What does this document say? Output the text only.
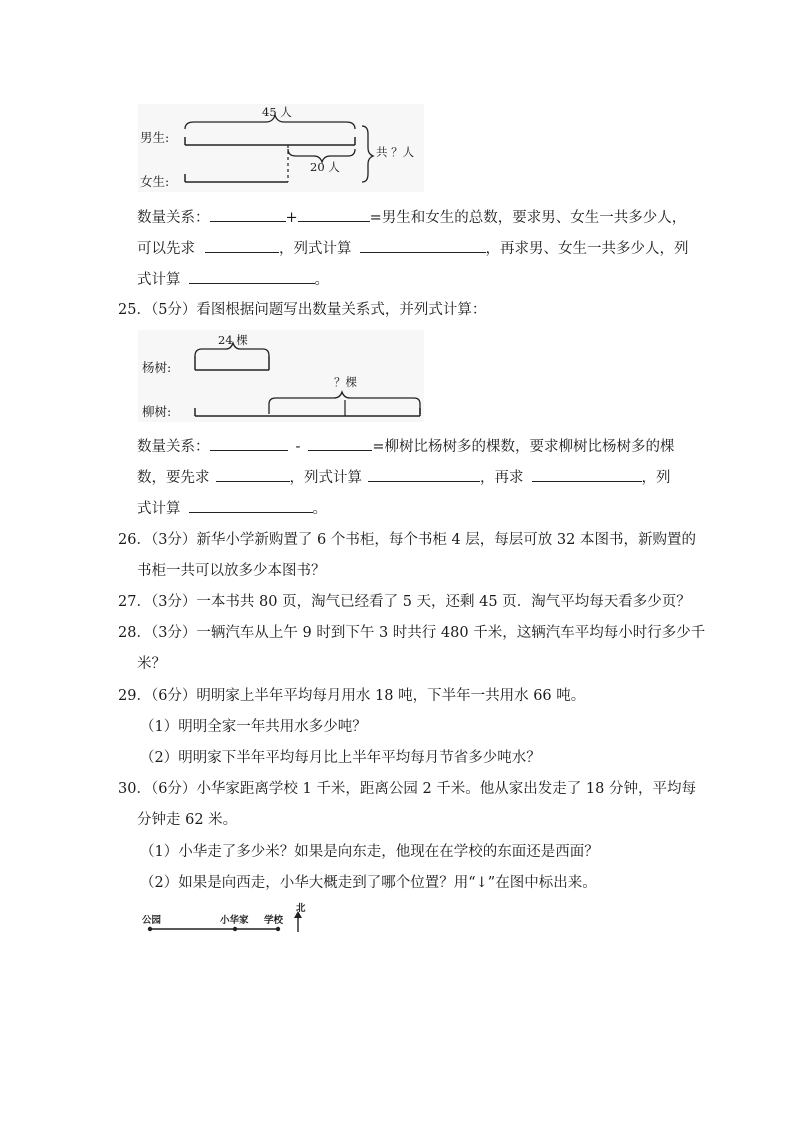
男生:
女生:
45 人
20 人
共 ？人
数量关系：	+	=男生和女生的总数，要求男、女生一共多少人，
可以先求	，列式计算	，再求男、女生一共多少人，列
式计算	。
25．（5分）看图根据问题写出数量关系式，并列式计算：
杨树:
柳树:
24 棵
？棵
数量关系：	-	=柳树比杨树多的棵数，要求柳树比杨树多的棵
数，要先求	，列式计算	，再求	，列
式计算	。
26．（3分）新华小学新购置了 6 个书柜，每个书柜 4 层，每层可放 32 本图书，新购置的
书柜一共可以放多少本图书？
27．（3分）一本书共 80 页，淘气已经看了 5 天，还剩 45 页．淘气平均每天看多少页？
28．（3分）一辆汽车从上午 9 时到下午 3 时共行 480 千米，这辆汽车平均每小时行多少千
米？
29．（6分）明明家上半年平均每月用水 18 吨，下半年一共用水 66 吨。
（1）明明全家一年共用水多少吨？
（2）明明家下半年平均每月比上半年平均每月节省多少吨水？
30．（6分）小华家距离学校 1 千米，距离公园 2 千米。他从家出发走了 18 分钟，平均每
分钟走 62 米。
（1）小华走了多少米？如果是向东走，他现在在学校的东面还是西面？
（2）如果是向西走，小华大概走到了哪个位置？用“↓”在图中标出来。
公园	小华家 学校
北
